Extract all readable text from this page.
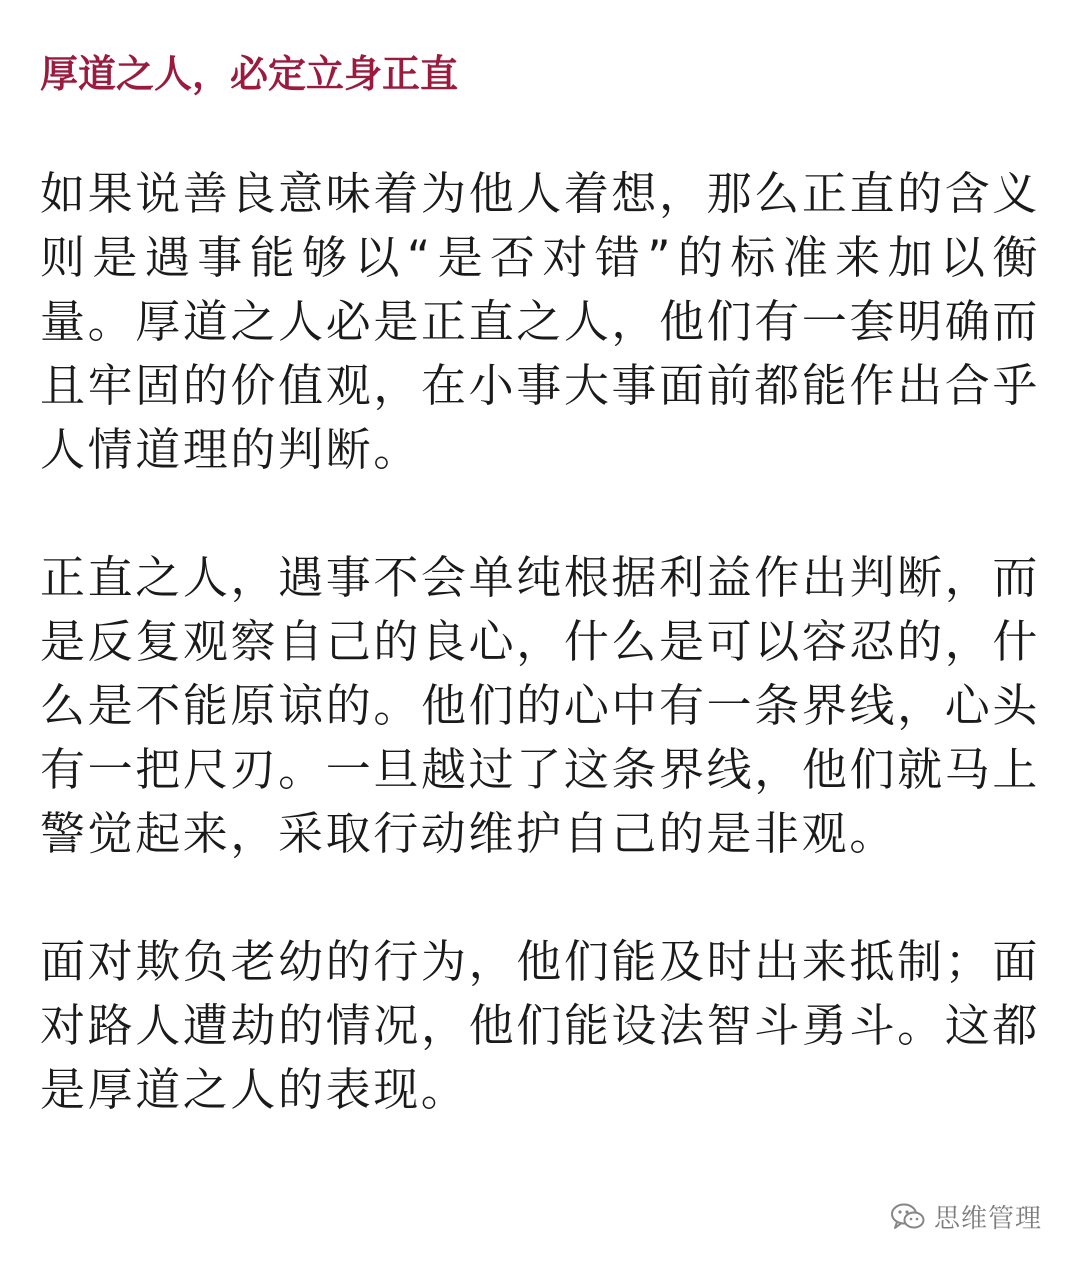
厚道之人，必定立身正直

如果说善良意味着为他人着想，那么正直的含义则是遇事能够以“是否对错”的标准来加以衡量。厚道之人必是正直之人，他们有一套明确而且牢固的价值观，在小事大事面前都能作出合乎人情道理的判断。

正直之人，遇事不会单纯根据利益作出判断，而是反复观察自己的良心，什么是可以容忍的，什么是不能原谅的。他们的心中有一条界线，心头有一把尺刃。一旦越过了这条界线，他们就马上警觉起来，采取行动维护自己的是非观。

面对欺负老幼的行为，他们能及时出来抵制；面对路人遭劫的情况，他们能设法智斗勇斗。这都是厚道之人的表现。

思维管理
